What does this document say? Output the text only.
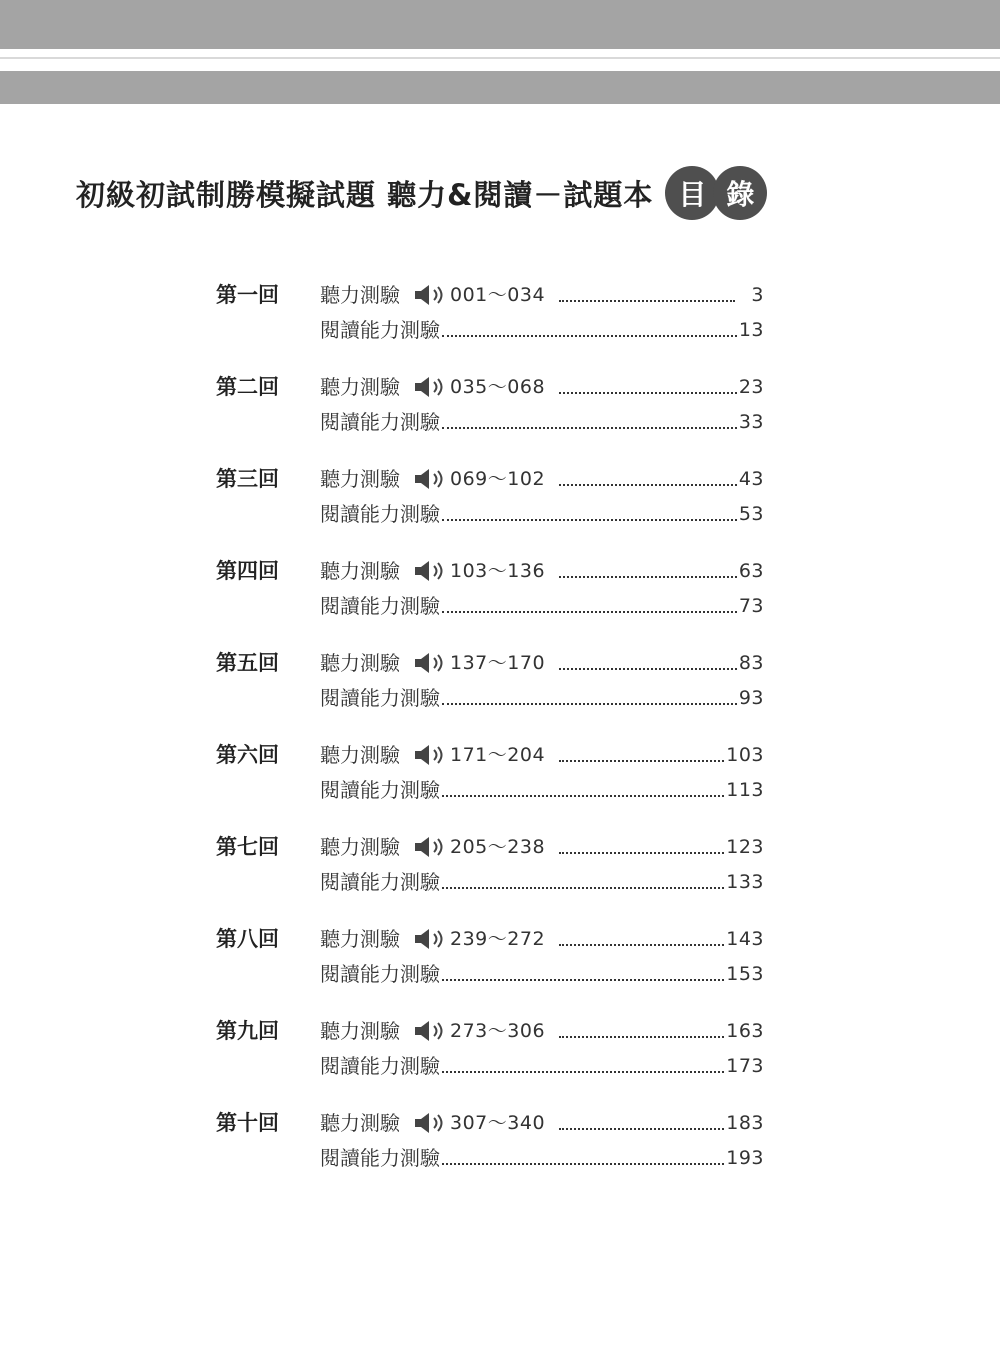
初級初試制勝模擬試題 聽力&閱讀－試題本 目 錄
第一回 聽力測驗	001～034	3
閱讀能力測驗	13
第二回 聽力測驗	035～068	23
閱讀能力測驗	33
第三回 聽力測驗	069～102	43
閱讀能力測驗	53
第四回 聽力測驗	103～136	63
閱讀能力測驗	73
第五回 聽力測驗	137～170	83
閱讀能力測驗	93
第六回 聽力測驗	171～204	103
閱讀能力測驗	113
第七回 聽力測驗	205～238	123
閱讀能力測驗	133
第八回 聽力測驗	239～272	143
閱讀能力測驗	153
第九回 聽力測驗	273～306	163
閱讀能力測驗	173
第十回 聽力測驗	307～340	183
閱讀能力測驗	193
